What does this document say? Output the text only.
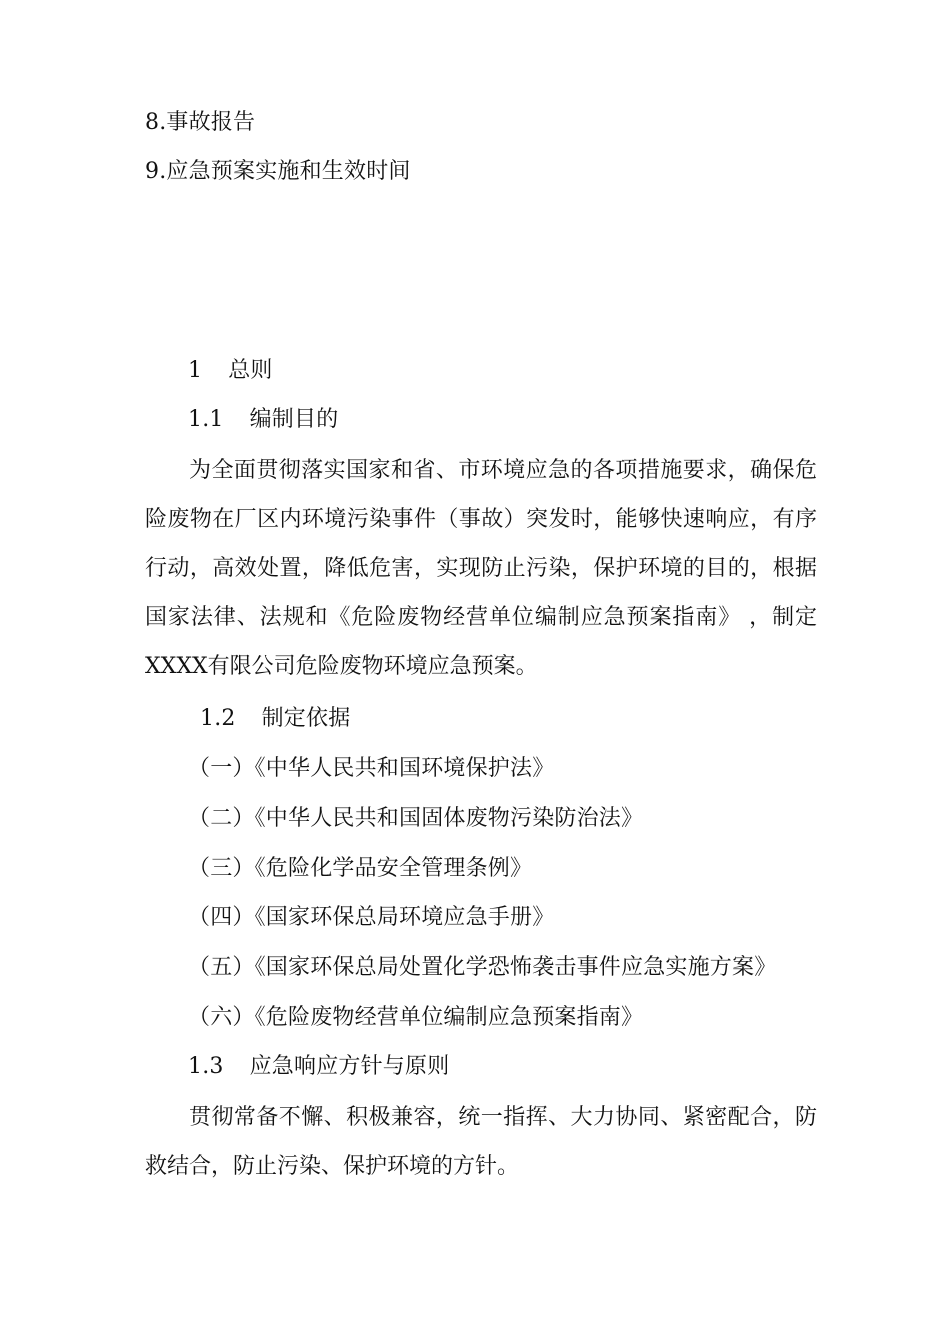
8.事故报告
9.应急预案实施和生效时间
1 总则
1.1 编制目的
为全面贯彻落实国家和省、市环境应急的各项措施要求，确保危险废物在厂区内环境污染事件（事故）突发时，能够快速响应，有序行动，高效处置，降低危害，实现防止污染，保护环境的目的，根据国家法律、法规和《危险废物经营单位编制应急预案指南》 ，制定XXXX有限公司危险废物环境应急预案。
1.2 制定依据
（一）《中华人民共和国环境保护法》
（二）《中华人民共和国固体废物污染防治法》
（三）《危险化学品安全管理条例》
（四）《国家环保总局环境应急手册》
（五）《国家环保总局处置化学恐怖袭击事件应急实施方案》
（六）《危险废物经营单位编制应急预案指南》
1.3 应急响应方针与原则
贯彻常备不懈、积极兼容，统一指挥、大力协同、紧密配合，防救结合，防止污染、保护环境的方针。
